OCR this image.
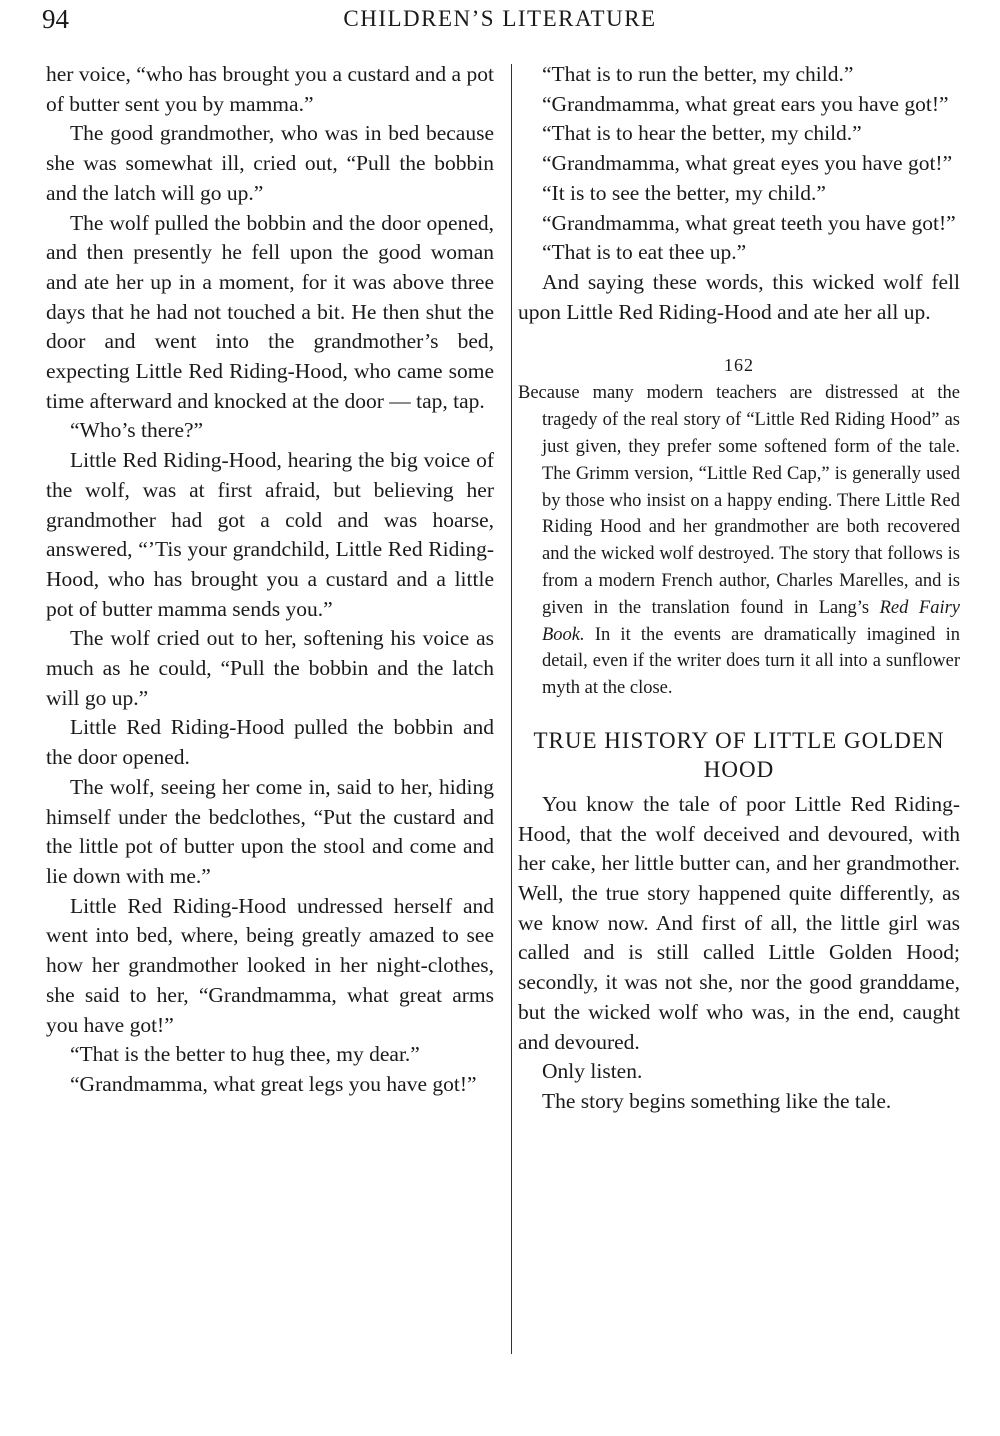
94	CHILDREN’S LITERATURE

her voice, “who has brought you a custard and a pot of butter sent you by mamma.”

The good grandmother, who was in bed because she was somewhat ill, cried out, “Pull the bobbin and the latch will go up.”

The wolf pulled the bobbin and the door opened, and then presently he fell upon the good woman and ate her up in a moment, for it was above three days that he had not touched a bit. He then shut the door and went into the grandmother’s bed, expecting Little Red Riding-Hood, who came some time afterward and knocked at the door — tap, tap.

“Who’s there?”

Little Red Riding-Hood, hearing the big voice of the wolf, was at first afraid, but believing her grandmother had got a cold and was hoarse, answered, “’Tis your grandchild, Little Red Riding-Hood, who has brought you a custard and a little pot of butter mamma sends you.”

The wolf cried out to her, softening his voice as much as he could, “Pull the bobbin and the latch will go up.”

Little Red Riding-Hood pulled the bobbin and the door opened.

The wolf, seeing her come in, said to her, hiding himself under the bedclothes, “Put the custard and the little pot of butter upon the stool and come and lie down with me.”

Little Red Riding-Hood undressed herself and went into bed, where, being greatly amazed to see how her grandmother looked in her night-clothes, she said to her, “Grandmamma, what great arms you have got!”

“That is the better to hug thee, my dear.”

“Grandmamma, what great legs you have got!”

“That is to run the better, my child.”

“Grandmamma, what great ears you have got!”

“That is to hear the better, my child.”

“Grandmamma, what great eyes you have got!”

“It is to see the better, my child.”

“Grandmamma, what great teeth you have got!”

“That is to eat thee up.”

And saying these words, this wicked wolf fell upon Little Red Riding-Hood and ate her all up.

162

Because many modern teachers are distressed at the tragedy of the real story of “Little Red Riding Hood” as just given, they prefer some softened form of the tale. The Grimm version, “Little Red Cap,” is generally used by those who insist on a happy ending. There Little Red Riding Hood and her grandmother are both recovered and the wicked wolf destroyed. The story that follows is from a modern French author, Charles Marelles, and is given in the translation found in Lang’s Red Fairy Book. In it the events are dramatically imagined in detail, even if the writer does turn it all into a sunflower myth at the close.

TRUE HISTORY OF LITTLE GOLDEN HOOD

You know the tale of poor Little Red Riding-Hood, that the wolf deceived and devoured, with her cake, her little butter can, and her grandmother. Well, the true story happened quite differently, as we know now. And first of all, the little girl was called and is still called Little Golden Hood; secondly, it was not she, nor the good granddame, but the wicked wolf who was, in the end, caught and devoured.

Only listen.

The story begins something like the tale.
